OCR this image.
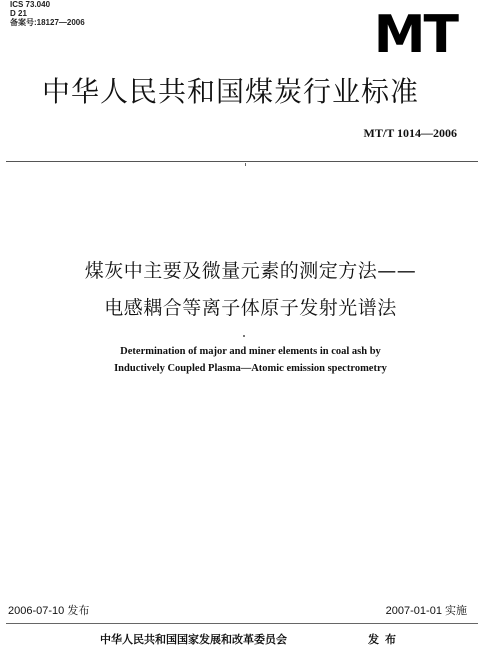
ICS 73.040
D 21
备案号:18127—2006	MT
中华人民共和国煤炭行业标准
MT/T 1014—2006
煤灰中主要及微量元素的测定方法——
电感耦合等离子体原子发射光谱法
Determination of major and miner elements in coal ash by
Inductively Coupled Plasma—Atomic emission spectrometry
2006-07-10 发布	2007-01-01 实施
中华人民共和国国家发展和改革委员会	发布
